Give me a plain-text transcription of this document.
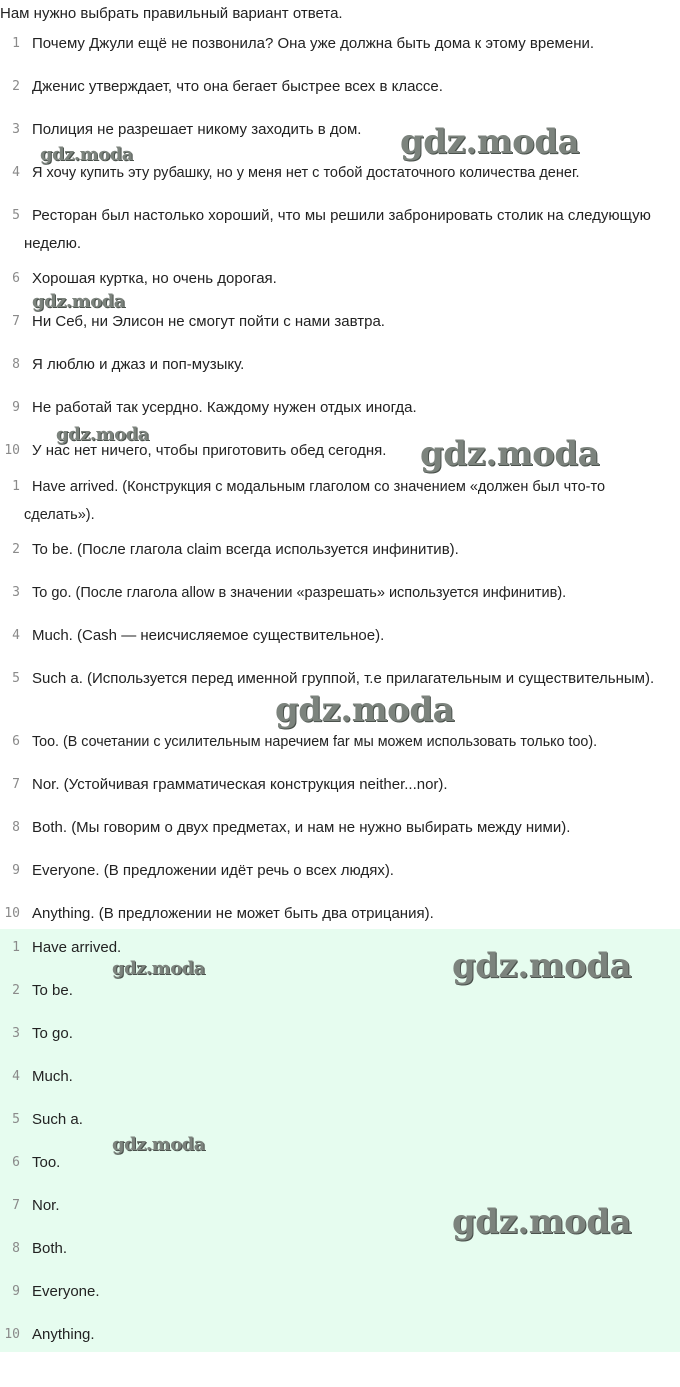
Нам нужно выбрать правильный вариант ответа.
1 Почему Джули ещё не позвонила? Она уже должна быть дома к этому времени.
2 Дженис утверждает, что она бегает быстрее всех в классе.
3 Полиция не разрешает никому заходить в дом.
4 Я хочу купить эту рубашку, но у меня нет с тобой достаточного количества денег.
5 Ресторан был настолько хороший, что мы решили забронировать столик на следующую неделю.
6 Хорошая куртка, но очень дорогая.
7 Ни Себ, ни Элисон не смогут пойти с нами завтра.
8 Я люблю и джаз и поп-музыку.
9 Не работай так усердно. Каждому нужен отдых иногда.
10 У нас нет ничего, чтобы приготовить обед сегодня.
1 Have arrived. (Конструкция с модальным глаголом со значением «должен был что-то сделать»).
2 To be. (После глагола claim всегда используется инфинитив).
3 To go. (После глагола allow в значении «разрешать» используется инфинитив).
4 Much. (Cash — неисчисляемое существительное).
5 Such a. (Используется перед именной группой, т.е прилагательным и существительным).
6 Too. (В сочетании с усилительным наречием far мы можем использовать только too).
7 Nor. (Устойчивая грамматическая конструкция neither...nor).
8 Both. (Мы говорим о двух предметах, и нам не нужно выбирать между ними).
9 Everyone. (В предложении идёт речь о всех людях).
10 Anything. (В предложении не может быть два отрицания).
1 Have arrived.
2 To be.
3 To go.
4 Much.
5 Such a.
6 Too.
7 Nor.
8 Both.
9 Everyone.
10 Anything.
gdz.moda
gdz.moda
gdz.moda
gdz.moda	gdz.moda
gdz.moda
gdz.moda	gdz.moda
gdz.moda
gdz.moda
